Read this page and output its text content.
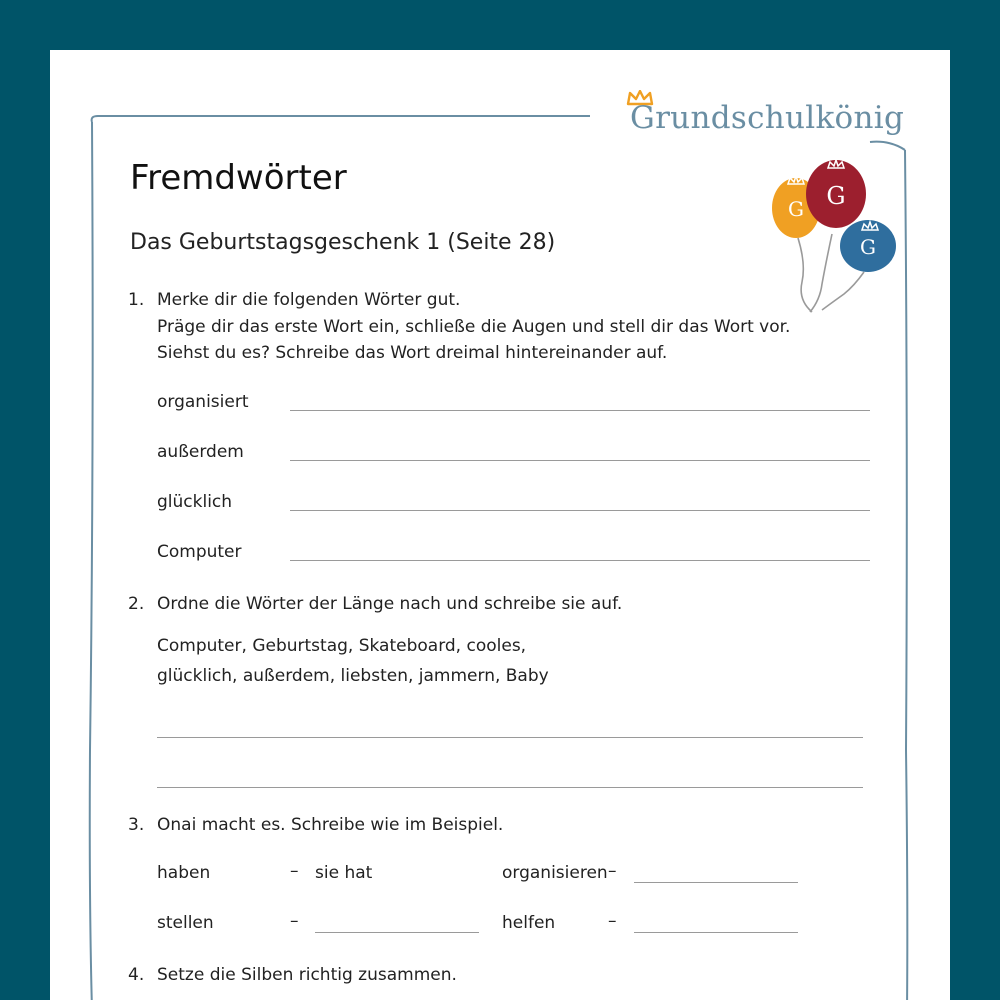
Grundschulkönig
G G
G
Fremdwörter
Das Geburtstagsgeschenk 1 (Seite 28)
1. Merke dir die folgenden Wörter gut.
Präge dir das erste Wort ein, schließe die Augen und stell dir das Wort vor.
Siehst du es? Schreibe das Wort dreimal hintereinander auf.
organisiert
außerdem
glücklich
Computer
2. Ordne die Wörter der Länge nach und schreibe sie auf.
Computer, Geburtstag, Skateboard, cooles,
glücklich, außerdem, liebsten, jammern, Baby
3. Onai macht es. Schreibe wie im Beispiel.
haben	– sie hat	organisieren –
stellen	–	helfen	–
4. Setze die Silben richtig zusammen.
